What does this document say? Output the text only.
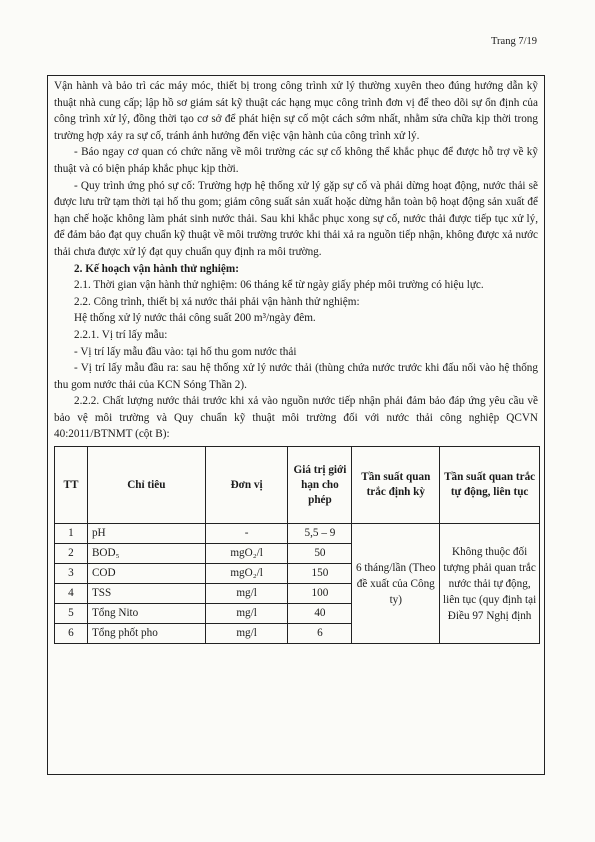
Trang 7/19

Vận hành và bảo trì các máy móc, thiết bị trong công trình xử lý thường xuyên theo đúng hướng dẫn kỹ thuật nhà cung cấp; lập hồ sơ giám sát kỹ thuật các hạng mục công trình đơn vị để theo dõi sự ổn định của công trình xử lý, đồng thời tạo cơ sở để phát hiện sự cố một cách sớm nhất, nhằm sửa chữa kịp thời trong trường hợp xảy ra sự cố, tránh ảnh hưởng đến việc vận hành của công trình xử lý.

- Báo ngay cơ quan có chức năng về môi trường các sự cố không thể khắc phục để được hỗ trợ về kỹ thuật và có biện pháp khắc phục kịp thời.

- Quy trình ứng phó sự cố: Trường hợp hệ thống xử lý gặp sự cố và phải dừng hoạt động, nước thải sẽ được lưu trữ tạm thời tại hố thu gom; giảm công suất sản xuất hoặc dừng hẳn toàn bộ hoạt động sản xuất để hạn chế hoặc không làm phát sinh nước thải. Sau khi khắc phục xong sự cố, nước thải được tiếp tục xử lý, để đảm bảo đạt quy chuẩn kỹ thuật về môi trường trước khi thải xả ra nguồn tiếp nhận, không được xả nước thải chưa được xử lý đạt quy chuẩn quy định ra môi trường.

2. Kế hoạch vận hành thử nghiệm:

2.1. Thời gian vận hành thử nghiệm: 06 tháng kể từ ngày giấy phép môi trường có hiệu lực.

2.2. Công trình, thiết bị xả nước thải phải vận hành thử nghiệm:

Hệ thống xử lý nước thải công suất 200 m³/ngày đêm.

2.2.1. Vị trí lấy mẫu:

- Vị trí lấy mẫu đầu vào: tại hố thu gom nước thải

- Vị trí lấy mẫu đầu ra: sau hệ thống xử lý nước thải (thùng chứa nước trước khi đấu nối vào hệ thống thu gom nước thải của KCN Sóng Thần 2).

2.2.2. Chất lượng nước thải trước khi xả vào nguồn nước tiếp nhận phải đảm bảo đáp ứng yêu cầu về bảo vệ môi trường và Quy chuẩn kỹ thuật môi trường đối với nước thải công nghiệp QCVN 40:2011/BTNMT (cột B):

TT	Chỉ tiêu	Đơn vị	Giá trị giới hạn cho phép	Tần suất quan trắc định kỳ	Tần suất quan trắc tự động, liên tục
1	pH	-	5,5 – 9	6 tháng/lần (Theo đề xuất của Công ty)	Không thuộc đối tượng phải quan trắc nước thải tự động, liên tục (quy định tại Điều 97 Nghị định
2	BOD₅	mgO₂/l	50		
3	COD	mgO₂/l	150		
4	TSS	mg/l	100		
5	Tổng Nito	mg/l	40		
6	Tổng phốt pho	mg/l	6		
